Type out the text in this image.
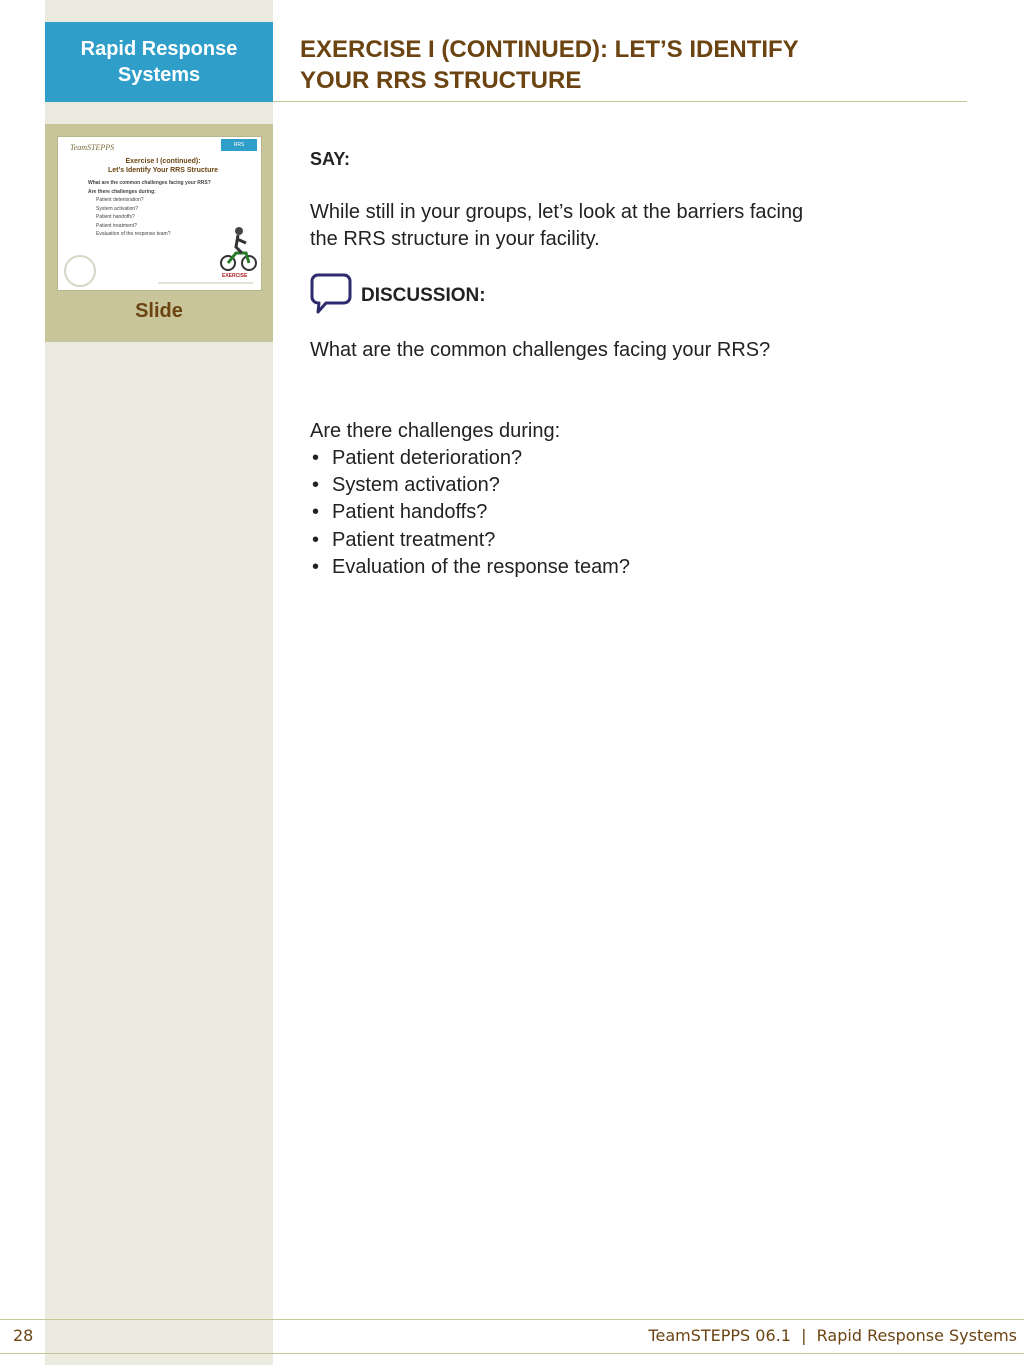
Rapid Response
Systems
EXERCISE I (CONTINUED): LET’S IDENTIFY
YOUR RRS STRUCTURE
TeamSTEPPS	RRS
Exercise I (continued):
Let’s Identify Your RRS Structure
What are the common challenges facing your RRS?
Are there challenges during:
Patient deterioration?
System activation?
Patient handoffs?
Patient treatment?
Evaluation of the response team?
EXERCISE
Slide
SAY:
While still in your groups, let’s look at the barriers facing the RRS structure in your facility.
DISCUSSION:
What are the common challenges facing your RRS?
Are there challenges during:
• Patient deterioration?
• System activation?
• Patient handoffs?
• Patient treatment?
• Evaluation of the response team?
28	TeamSTEPPS 06.1  |  Rapid Response Systems
